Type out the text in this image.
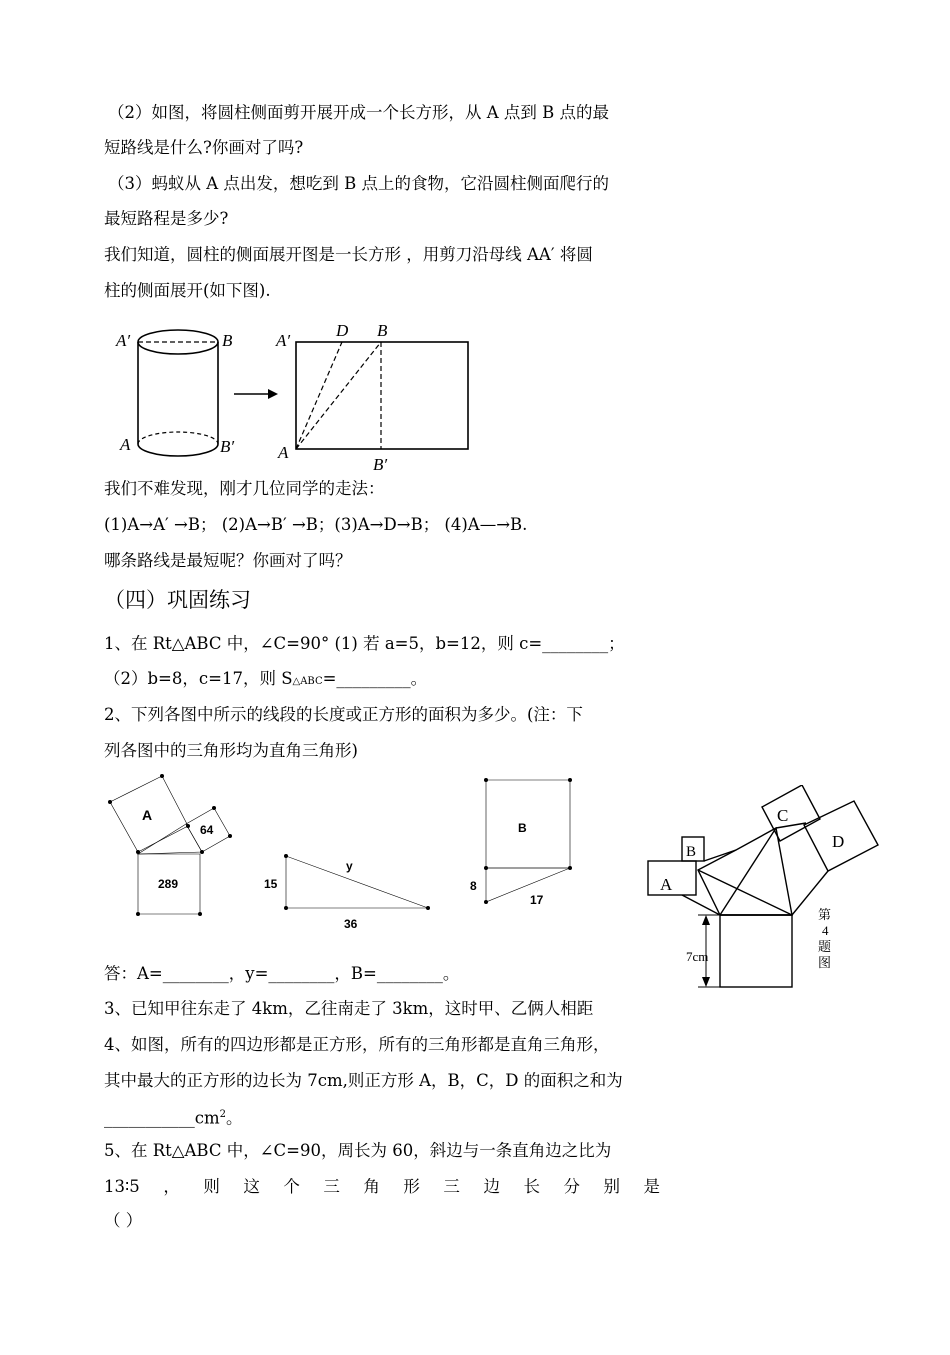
（2）如图，将圆柱侧面剪开展开成一个长方形，从 A 点到 B 点的最
短路线是什么?你画对了吗?
（3）蚂蚁从 A 点出发，想吃到 B 点上的食物，它沿圆柱侧面爬行的
最短路程是多少?
我们知道，圆柱的侧面展开图是一长方形 ，用剪刀沿母线 AA′ 将圆
柱的侧面展开(如下图).
A′	B
A	B′
A′
D B
A
B′
我们不难发现，刚才几位同学的走法：
(1)A→A′ →B； (2)A→B′ →B；(3)A→D→B； (4)A—→B.
哪条路线是最短呢？你画对了吗？
（四）巩固练习
1、在 Rt△ABC 中，∠C=90° (1) 若 a=5，b=12，则 c=________；
（2）b=8，c=17，则 S△ABC=_________。
2、下列各图中所示的线段的长度或正方形的面积为多少。(注：下
列各图中的三角形均为直角三角形)
A
64
289
y
15
36
B
8
17
答：A=________，y=________，B=________。
3、已知甲往东走了 4km，乙往南走了 3km，这时甲、乙俩人相距
4、如图，所有的四边形都是正方形，所有的三角形都是直角三角形，
其中最大的正方形的边长为 7cm,则正方形 A，B，C，D 的面积之和为
$\_\_\_\_\_\_\_\_\_\_\_cm^2$。
5、在 Rt△ABC 中，∠C=90，周长为 60，斜边与一条直角边之比为
13∶5 ， 则 这 个 三 角 形 三 边 长 分 别 是
（ ）
A
B
C
D
7cm
第
4
题
图
